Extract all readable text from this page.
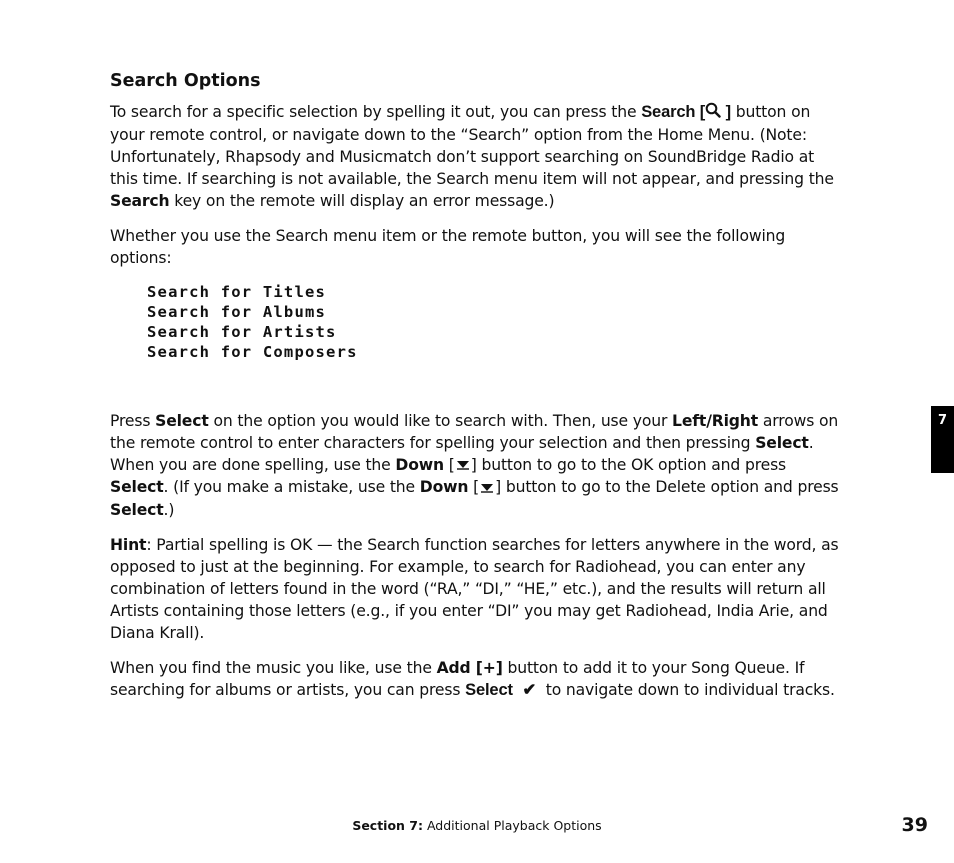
Search Options

To search for a specific selection by spelling it out, you can press the Search [ ] button on your remote control, or navigate down to the “Search” option from the Home Menu. (Note: Unfortunately, Rhapsody and Musicmatch don’t support searching on SoundBridge Radio at this time. If searching is not available, the Search menu item will not appear, and pressing the Search key on the remote will display an error message.)

Whether you use the Search menu item or the remote button, you will see the following options:

Search for Titles
Search for Albums
Search for Artists
Search for Composers

Press Select on the option you would like to search with. Then, use your Left/Right arrows on the remote control to enter characters for spelling your selection and then pressing Select. When you are done spelling, use the Down [ ] button to go to the OK option and press Select. (If you make a mistake, use the Down [ ] button to go to the Delete option and press Select.)

Hint: Partial spelling is OK — the Search function searches for letters anywhere in the word, as opposed to just at the beginning. For example, to search for Radiohead, you can enter any combination of letters found in the word (“RA,” “DI,” “HE,” etc.), and the results will return all Artists containing those letters (e.g., if you enter “DI” you may get Radiohead, India Arie, and Diana Krall).

When you find the music you like, use the Add [+] button to add it to your Song Queue. If searching for albums or artists, you can press Select ✔  to navigate down to individual tracks.

7
Section 7: Additional Playback Options	39
